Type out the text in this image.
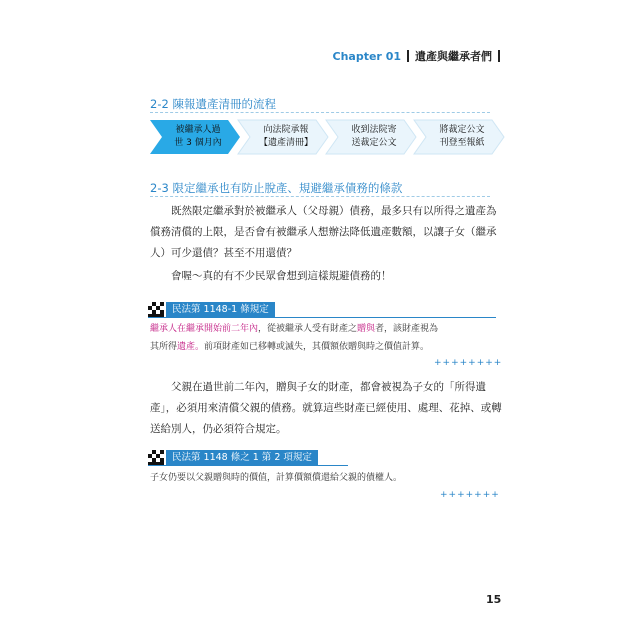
Chapter 01 遺產與繼承者們
2-2 陳報遺產清冊的流程
被繼承人過
世 3 個月內
向法院承報
【遺產清冊】
收到法院寄
送裁定公文
將裁定公文
刊登至報紙
2-3 限定繼承也有防止脫產、規避繼承債務的條款

既然限定繼承對於被繼承人（父母親）債務，最多只有以所得之遺產為償務清償的上限，是否會有被繼承人想辦法降低遺產數額，以讓子女（繼承人）可少還債？甚至不用還債？

會喔～真的有不少民眾會想到這樣規避債務的！

民法第 1148-1 條規定
繼承人在繼承開始前二年內，從被繼承人受有財產之贈與者，該財產視為
其所得遺產。前項財產如已移轉或滅失，其價額依贈與時之價值計算。
++++++++

父親在過世前二年內，贈與子女的財產，都會被視為子女的「所得遺產」，必須用來清償父親的債務。就算這些財產已經使用、處理、花掉、或轉送給別人，仍必須符合規定。

民法第 1148 條之 1 第 2 項規定
子女仍要以父親贈與時的價值，計算價額償還給父親的債權人。
+++++++
15
